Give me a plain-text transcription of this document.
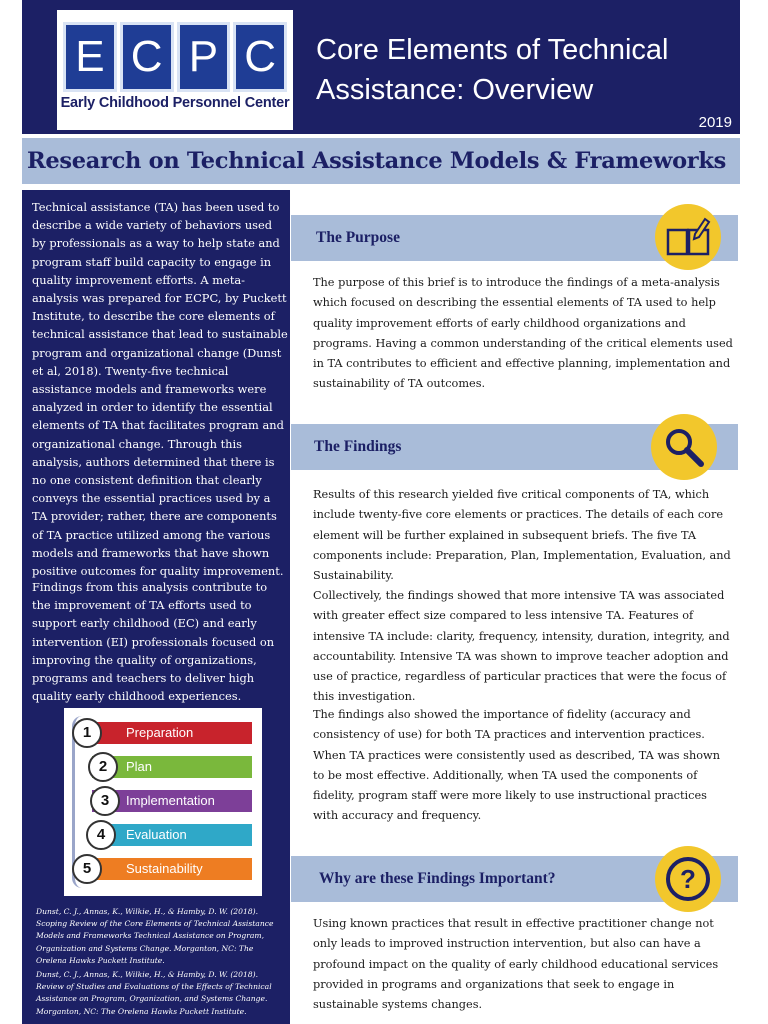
E C P C
Early Childhood Personnel Center
Core Elements of Technical Assistance: Overview
2019
Research on Technical Assistance Models & Frameworks
Technical assistance (TA) has been used to describe a wide variety of behaviors used by professionals as a way to help state and program staff build capacity to engage in quality improvement efforts. A meta-analysis was prepared for ECPC, by Puckett Institute, to describe the core elements of technical assistance that lead to sustainable program and organizational change (Dunst et al, 2018). Twenty-five technical assistance models and frameworks were analyzed in order to identify the essential elements of TA that facilitates program and organizational change. Through this analysis, authors determined that there is no one consistent definition that clearly conveys the essential practices used by a TA provider; rather, there are components of TA practice utilized among the various models and frameworks that have shown positive outcomes for quality improvement.
Findings from this analysis contribute to the improvement of TA efforts used to support early childhood (EC) and early intervention (EI) professionals focused on improving the quality of organizations, programs and teachers to deliver high quality early childhood experiences.
Preparation
1
Plan
2
Implementation
3
Evaluation
4
Sustainability
5
Dunst, C. J., Annas, K., Wilkie, H., & Hamby, D. W. (2018). Scoping Review of the Core Elements of Technical Assistance Models and Frameworks Technical Assistance on Program, Organization and Systems Change. Morganton, NC: The Orelena Hawks Puckett Institute.
Dunst, C. J., Annas, K., Wilkie, H., & Hamby, D. W. (2018). Review of Studies and Evaluations of the Effects of Technical Assistance on Program, Organization, and Systems Change. Morganton, NC: The Orelena Hawks Puckett Institute.
The Purpose
The purpose of this brief is to introduce the findings of a meta-analysis which focused on describing the essential elements of TA used to help quality improvement efforts of early childhood organizations and programs. Having a common understanding of the critical elements used in TA contributes to efficient and effective planning, implementation and sustainability of TA outcomes.
The Findings
Results of this research yielded five critical components of TA, which include twenty-five core elements or practices. The details of each core element will be further explained in subsequent briefs. The five TA components include: Preparation, Plan, Implementation, Evaluation, and Sustainability.
Collectively, the findings showed that more intensive TA was associated with greater effect size compared to less intensive TA. Features of intensive TA include: clarity, frequency, intensity, duration, integrity, and accountability. Intensive TA was shown to improve teacher adoption and use of practice, regardless of particular practices that were the focus of this investigation.
The findings also showed the importance of fidelity (accuracy and consistency of use) for both TA practices and intervention practices. When TA practices were consistently used as described, TA was shown to be most effective. Additionally, when TA used the components of fidelity, program staff were more likely to use instructional practices with accuracy and frequency.
Why are these Findings Important?	?
Using known practices that result in effective practitioner change not only leads to improved instruction intervention, but also can have a profound impact on the quality of early childhood educational services provided in programs and organizations that seek to engage in sustainable systems changes.
